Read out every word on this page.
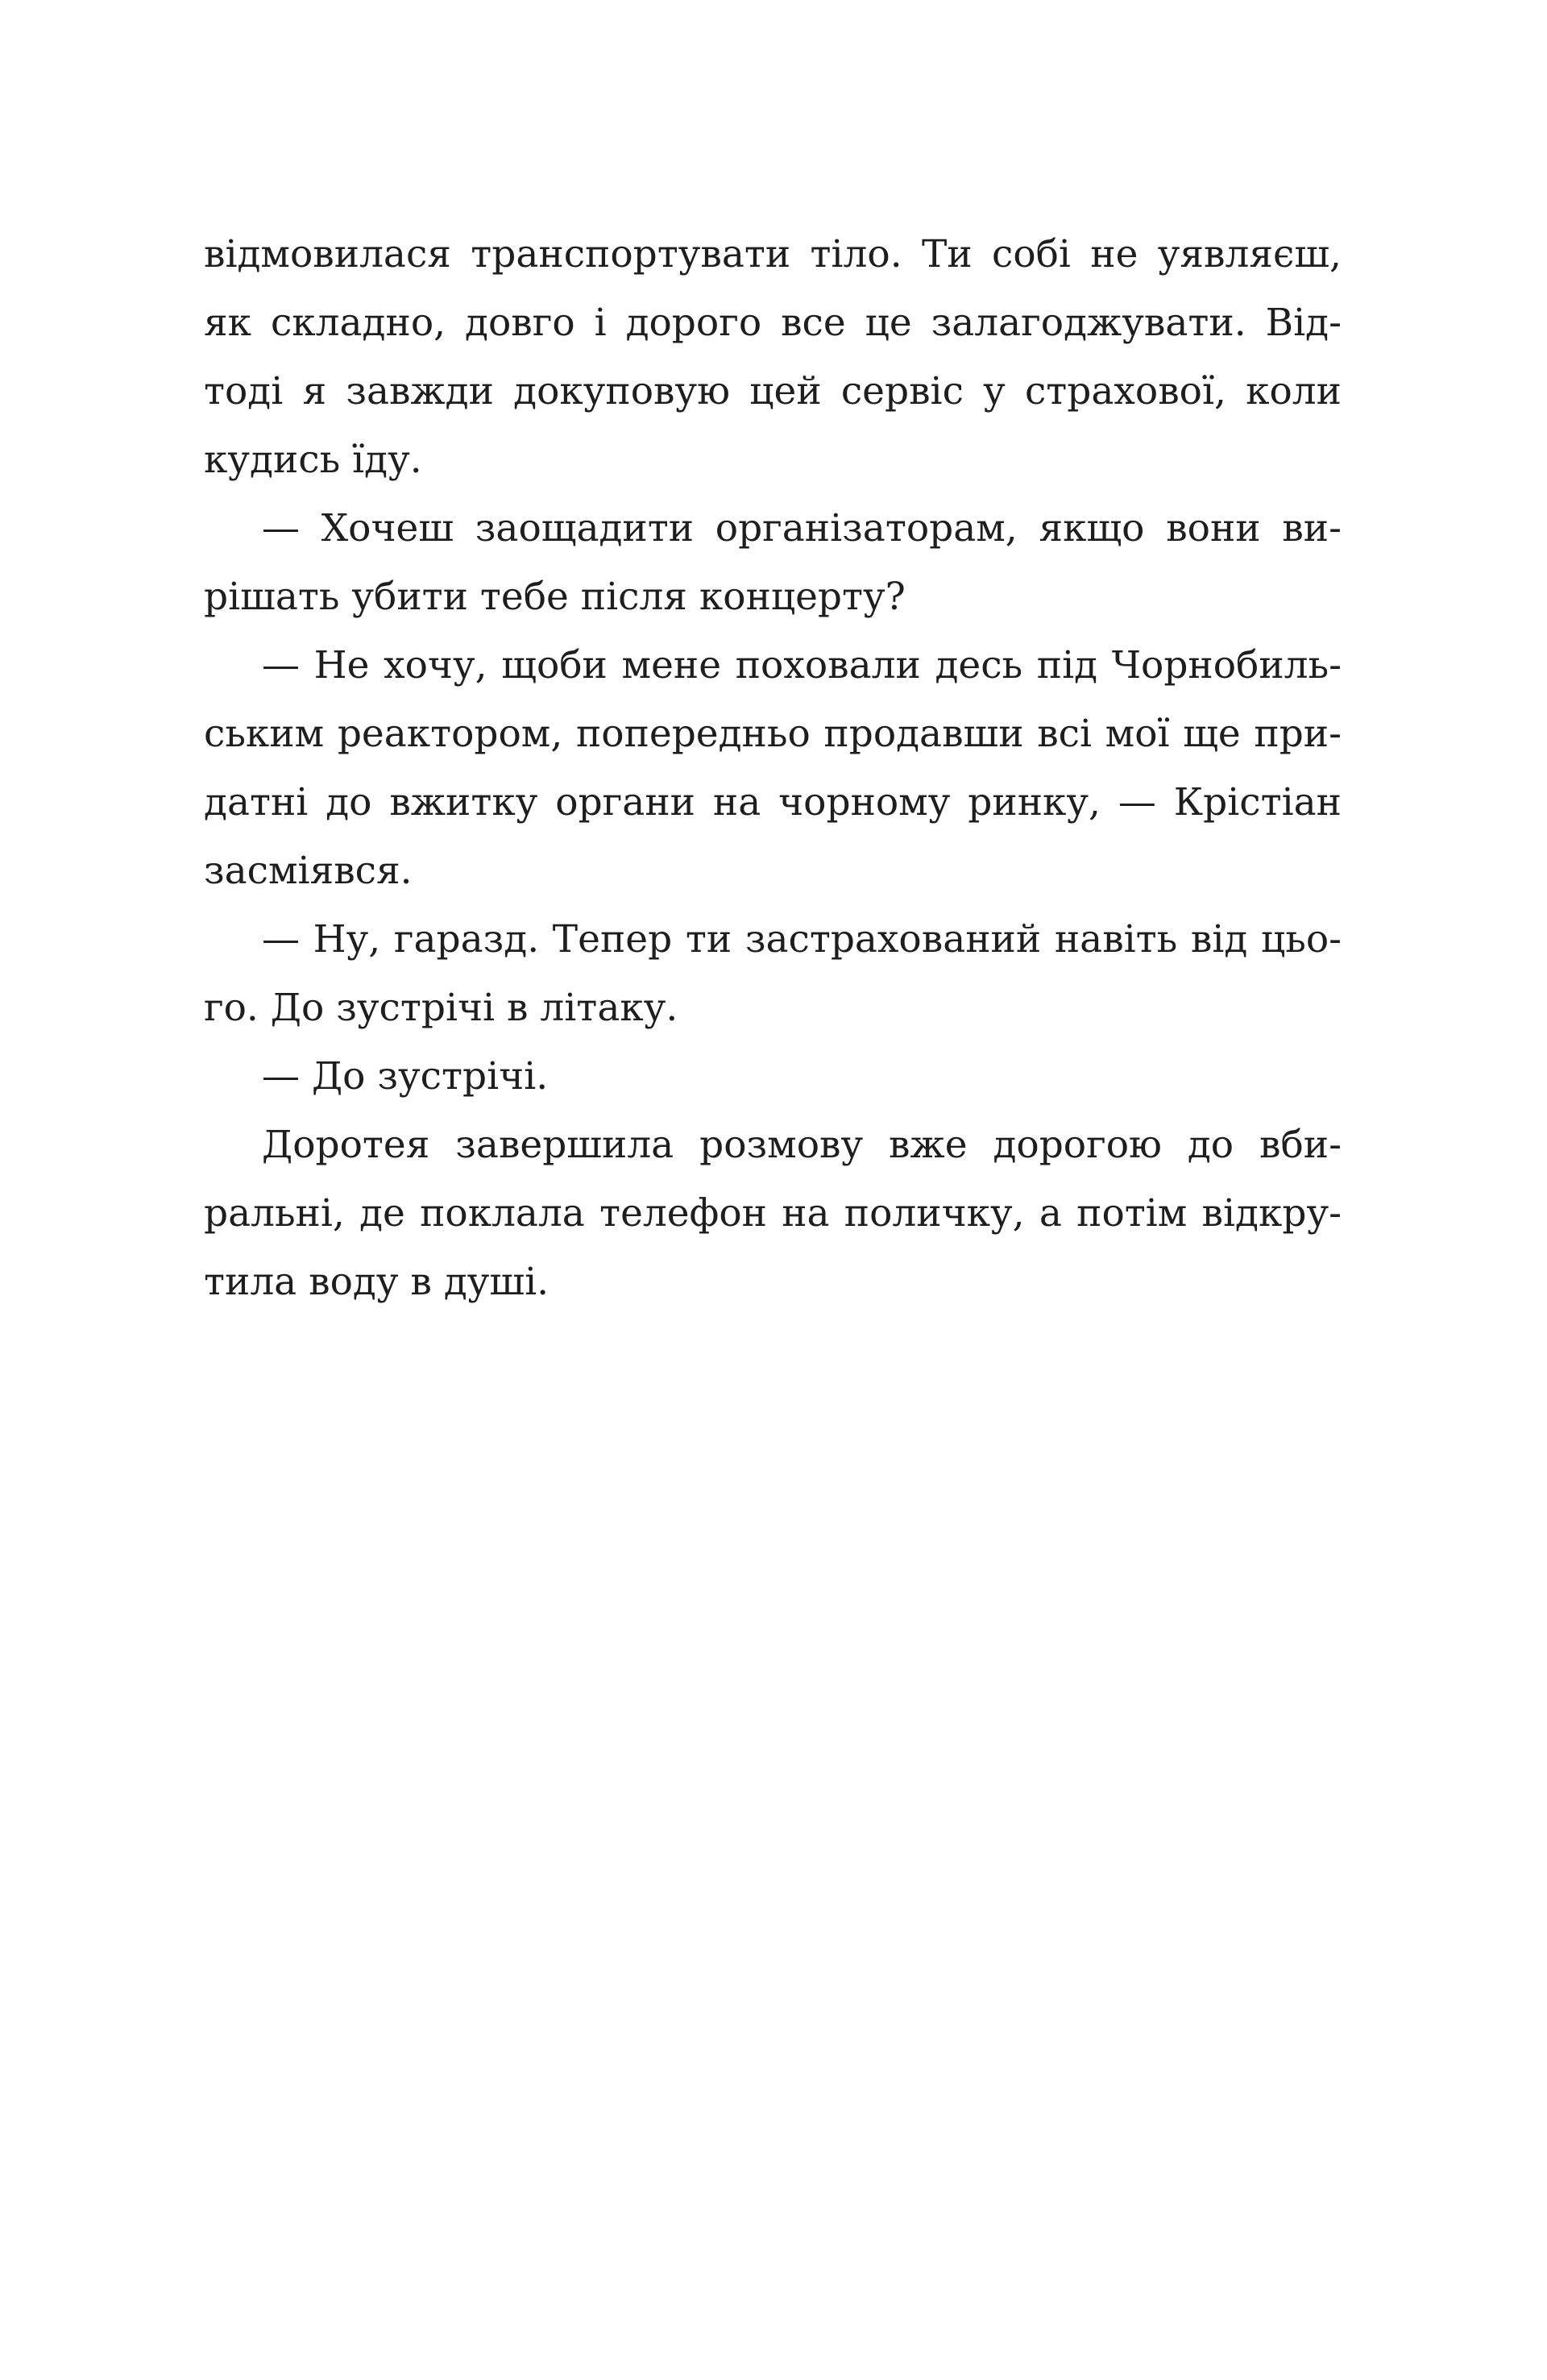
відмовилася транспортувати тіло. Ти собі не уявляєш,
як складно, довго і дорого все це залагоджувати. Від-
тоді я завжди докуповую цей сервіс у страхової, коли
кудись їду.
— Хочеш заощадити організаторам, якщо вони ви-
рішать убити тебе після концерту?
— Не хочу, щоби мене поховали десь під Чорнобиль-
ським реактором, попередньо продавши всі мої ще при-
датні до вжитку органи на чорному ринку, — Крістіан
засміявся.
— Ну, гаразд. Тепер ти застрахований навіть від цьо-
го. До зустрічі в літаку.
— До зустрічі.
Доротея завершила розмову вже дорогою до вби-
ральні, де поклала телефон на поличку, а потім відкру-
тила воду в душі.
